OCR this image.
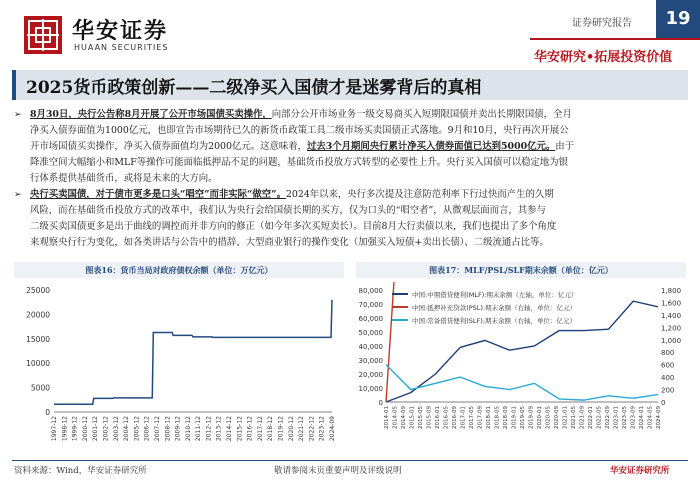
华安证券
HUAAN SECURITIES
证券研究报告	19
华安研究•拓展投资价值
2025货币政策创新——二级净买入国债才是迷雾背后的真相
➢ 8月30日，央行公告称8月开展了公开市场国债买卖操作，向部分公开市场业务一级交易商买入短期限国债并卖出长期限国债，全月
净买入债券面值为1000亿元，也即宣告市场期待已久的新货币政策工具二级市场买卖国债正式落地。9月和10月，央行再次开展公
开市场国债买卖操作，净买入债券面值均为2000亿元。这意味着，过去3个月期间央行累计净买入债券面值已达到5000亿元。由于
降准空间大幅缩小和MLF等操作可能面临抵押品不足的问题，基础货币投放方式转型的必要性上升。央行买入国债可以稳定地为银
行体系提供基础货币，或将是未来的大方向。
➢ 央行买卖国债，对于债市更多是口头“唱空”而非实际“做空”。2024年以来，央行多次提及注意防范利率下行过快而产生的久期
风险，而在基础货币投放方式的改革中，我们认为央行会给国债长期的买方，仅为口头的“唱空者”，从微观层面而言，其参与
二级买卖国债更多是出于曲线的调控而并非方向的修正（如今年多次买短卖长）。目前8月大行卖债以来，我们也提出了多个角度
来观察央行行为变化，如各类讲话与公告中的措辞、大型商业银行的操作变化（加强买入短债+卖出长债）、二级流通占比等。
图表16：货币当局对政府债权余额（单位：万亿元）	图表17：MLF/PSL/SLF期末余额（单位：亿元）
0
5000
10000
15000
20000
25000
1997-12 1998-12 1999-12 2000-12 2001-12 2002-12 2003-12 2004-12 2005-12 2006-12 2007-12 2008-12 2009-12 2010-12 2011-12 2012-12 2013-12 2014-12 2015-12 2016-12 2017-12 2018-12 2019-12 2020-12 2021-12 2022-12 2023-12 2024-09
0
10,000
20,000
30,000
40,000
50,000
60,000
70,000
80,000
0
200
400
600
800
1,000
1,200
1,400
1,600
1,800
2014-01 2014-05 2014-09 2015-01 2015-05 2015-09 2016-01 2016-05 2016-09 2017-01 2017-05 2017-09 2018-01 2018-05 2018-09 2019-01 2019-05 2019-09 2020-01 2020-05 2020-09 2021-01 2021-05 2021-09 2022-01 2022-05 2022-09 2023-01 2023-05 2023-09 2024-01 2024-05 2024-09
中国:中期借贷便利(MLF):期末余额（左轴，单位：亿元）
中国:抵押补充贷款(PSL):期末余额（右轴，单位：亿元）
中国:常备借贷便利(SLF):期末余额（右轴，单位：亿元）
资料来源：Wind，华安证券研究所	敬请参阅末页重要声明及评级说明	华安证券研究所
